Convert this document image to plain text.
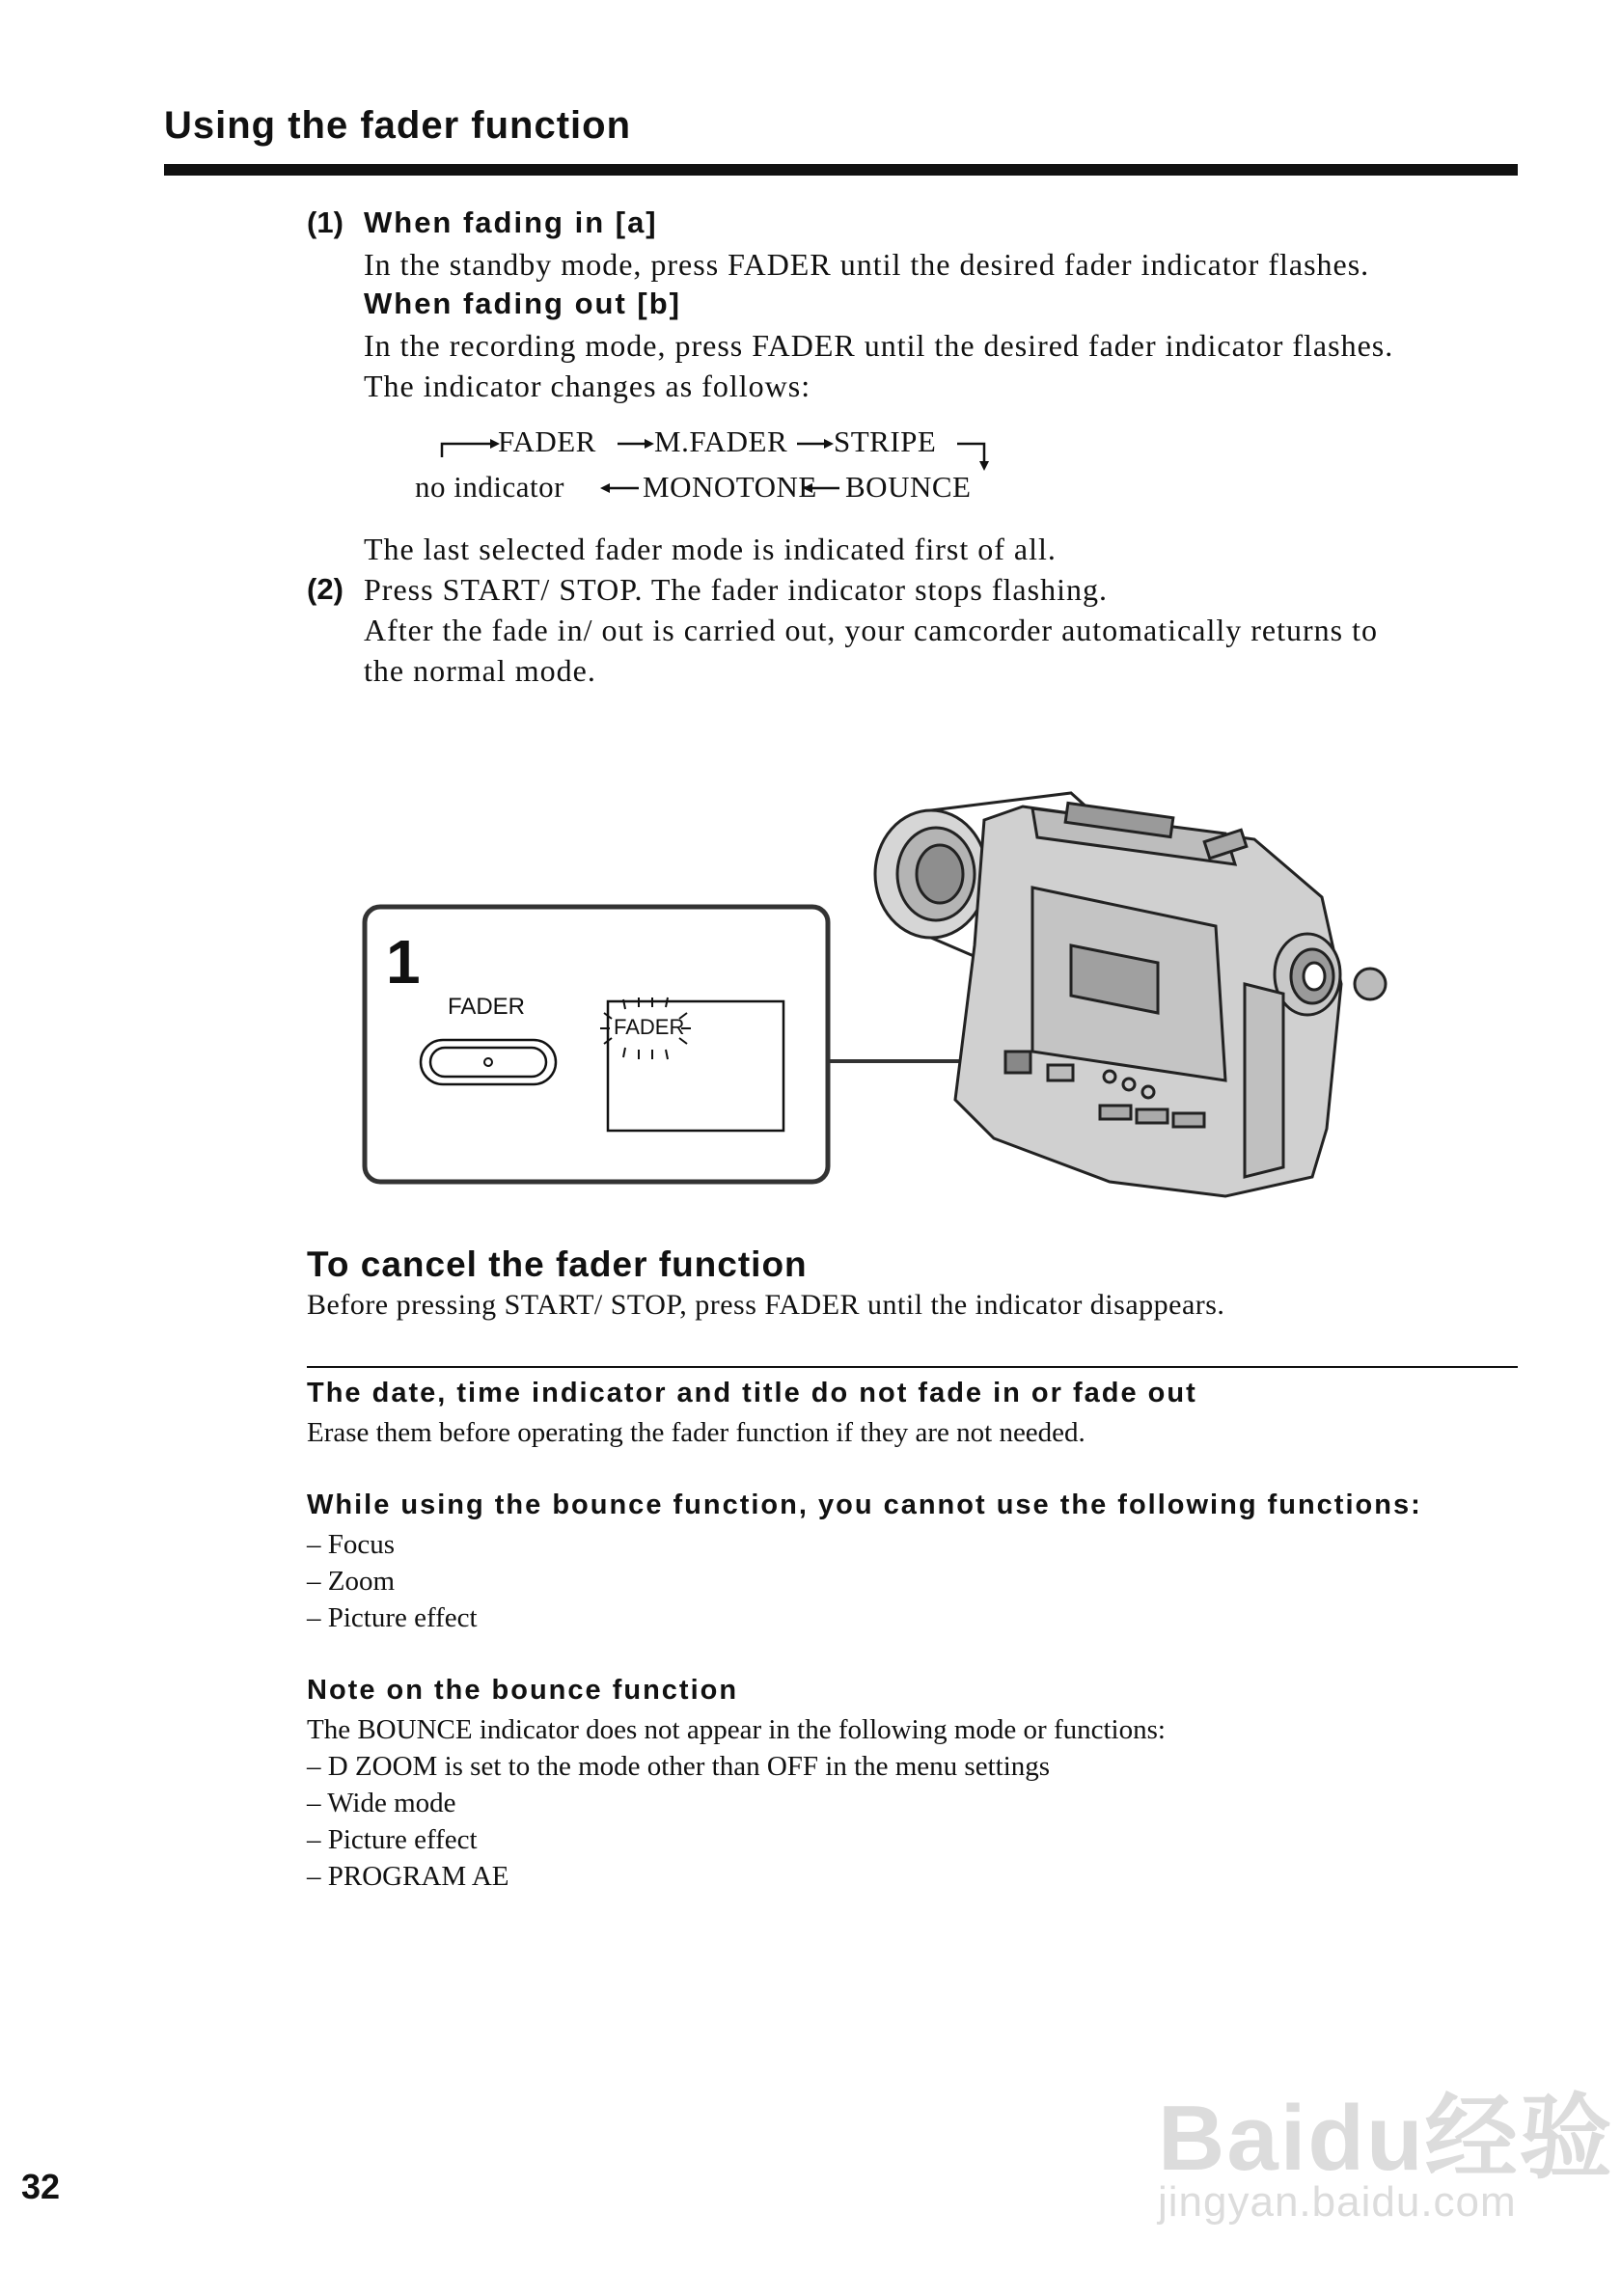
Using the fader function
(1) When fading in [a]
In the standby mode, press FADER until the desired fader indicator flashes.
When fading out [b]
In the recording mode, press FADER until the desired fader indicator flashes.
The indicator changes as follows:
FADER M.FADER STRIPE
no indicator	MONOTONE BOUNCE
The last selected fader mode is indicated first of all.
(2) Press START/ STOP. The fader indicator stops flashing.
After the fade in/ out is carried out, your camcorder automatically returns to
the normal mode.
1
FADER
FADER
To cancel the fader function
Before pressing START/ STOP, press FADER until the indicator disappears.
The date, time indicator and title do not fade in or fade out
Erase them before operating the fader function if they are not needed.
While using the bounce function, you cannot use the following functions:
– Focus
– Zoom
– Picture effect
Note on the bounce function
The BOUNCE indicator does not appear in the following mode or functions:
– D ZOOM is set to the mode other than OFF in the menu settings
– Wide mode
– Picture effect
– PROGRAM AE
Baidu经验
jingyan.baidu.com
32
